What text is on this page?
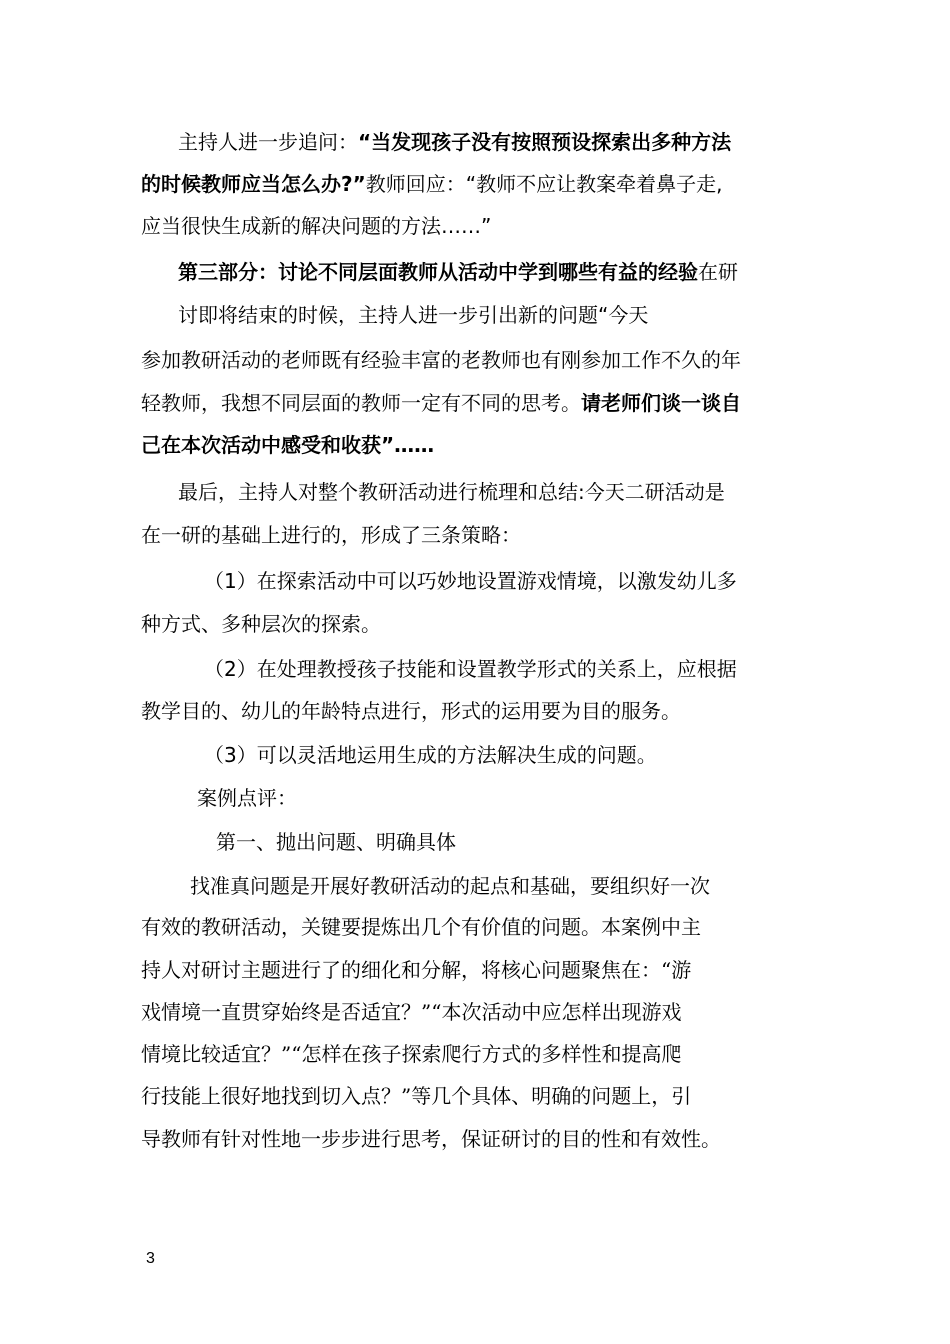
主持人进一步追问：“当发现孩子没有按照预设探索出多种方法
的时候教师应当怎么办?”教师回应：“教师不应让教案牵着鼻子走,
应当很快生成新的解决问题的方法……”
第三部分：讨论不同层面教师从活动中学到哪些有益的经验在研
讨即将结束的时候，主持人进一步引出新的问题“今天
参加教研活动的老师既有经验丰富的老教师也有刚参加工作不久的年
轻教师，我想不同层面的教师一定有不同的思考。请老师们谈一谈自
己在本次活动中感受和收获”……
最后，主持人对整个教研活动进行梳理和总结:今天二研活动是
在一研的基础上进行的，形成了三条策略：
（1）在探索活动中可以巧妙地设置游戏情境，以激发幼儿多
种方式、多种层次的探索。
（2）在处理教授孩子技能和设置教学形式的关系上，应根据
教学目的、幼儿的年龄特点进行，形式的运用要为目的服务。
（3）可以灵活地运用生成的方法解决生成的问题。
案例点评：
第一、抛出问题、明确具体
找准真问题是开展好教研活动的起点和基础，要组织好一次
有效的教研活动，关键要提炼出几个有价值的问题。本案例中主
持人对研讨主题进行了的细化和分解，将核心问题聚焦在：“游
戏情境一直贯穿始终是否适宜？”“本次活动中应怎样出现游戏
情境比较适宜？”“怎样在孩子探索爬行方式的多样性和提高爬
行技能上很好地找到切入点？”等几个具体、明确的问题上，引
导教师有针对性地一步步进行思考，保证研讨的目的性和有效性。
3
